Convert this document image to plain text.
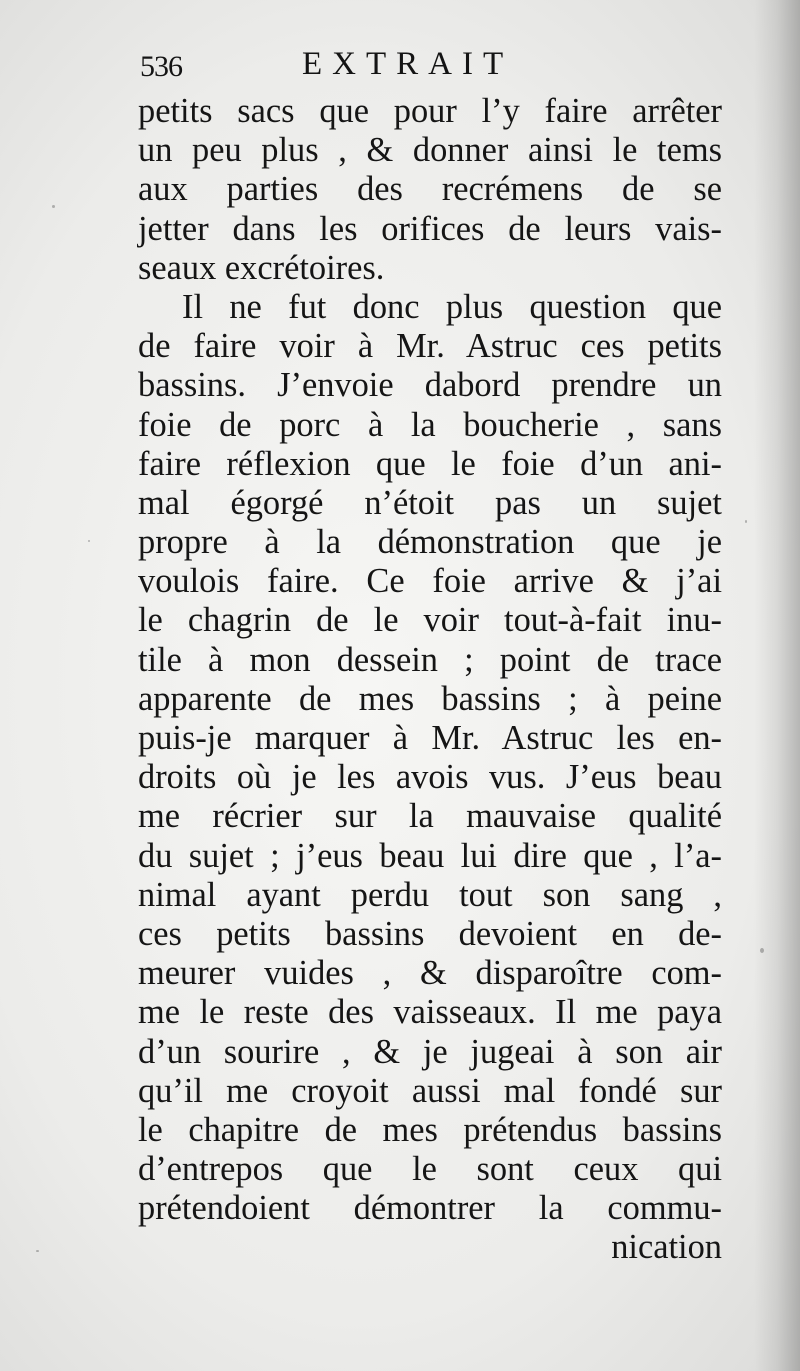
536	EXTRAIT
petits sacs que pour l’y faire arrêter
un peu plus , & donner ainsi le tems
aux parties des recrémens de se
jetter dans les orifices de leurs vais-
seaux excrétoires.
Il ne fut donc plus question que
de faire voir à Mr. Astruc ces petits
bassins. J’envoie dabord prendre un
foie de porc à la boucherie , sans
faire réflexion que le foie d’un ani-
mal égorgé n’étoit pas un sujet
propre à la démonstration que je
voulois faire. Ce foie arrive & j’ai
le chagrin de le voir tout-à-fait inu-
tile à mon dessein ; point de trace
apparente de mes bassins ; à peine
puis-je marquer à Mr. Astruc les en-
droits où je les avois vus. J’eus beau
me récrier sur la mauvaise qualité
du sujet ; j’eus beau lui dire que , l’a-
nimal ayant perdu tout son sang ,
ces petits bassins devoient en de-
meurer vuides , & disparoître com-
me le reste des vaisseaux. Il me paya
d’un sourire , & je jugeai à son air
qu’il me croyoit aussi mal fondé sur
le chapitre de mes prétendus bassins
d’entrepos que le sont ceux qui
prétendoient démontrer la commu-
nication
